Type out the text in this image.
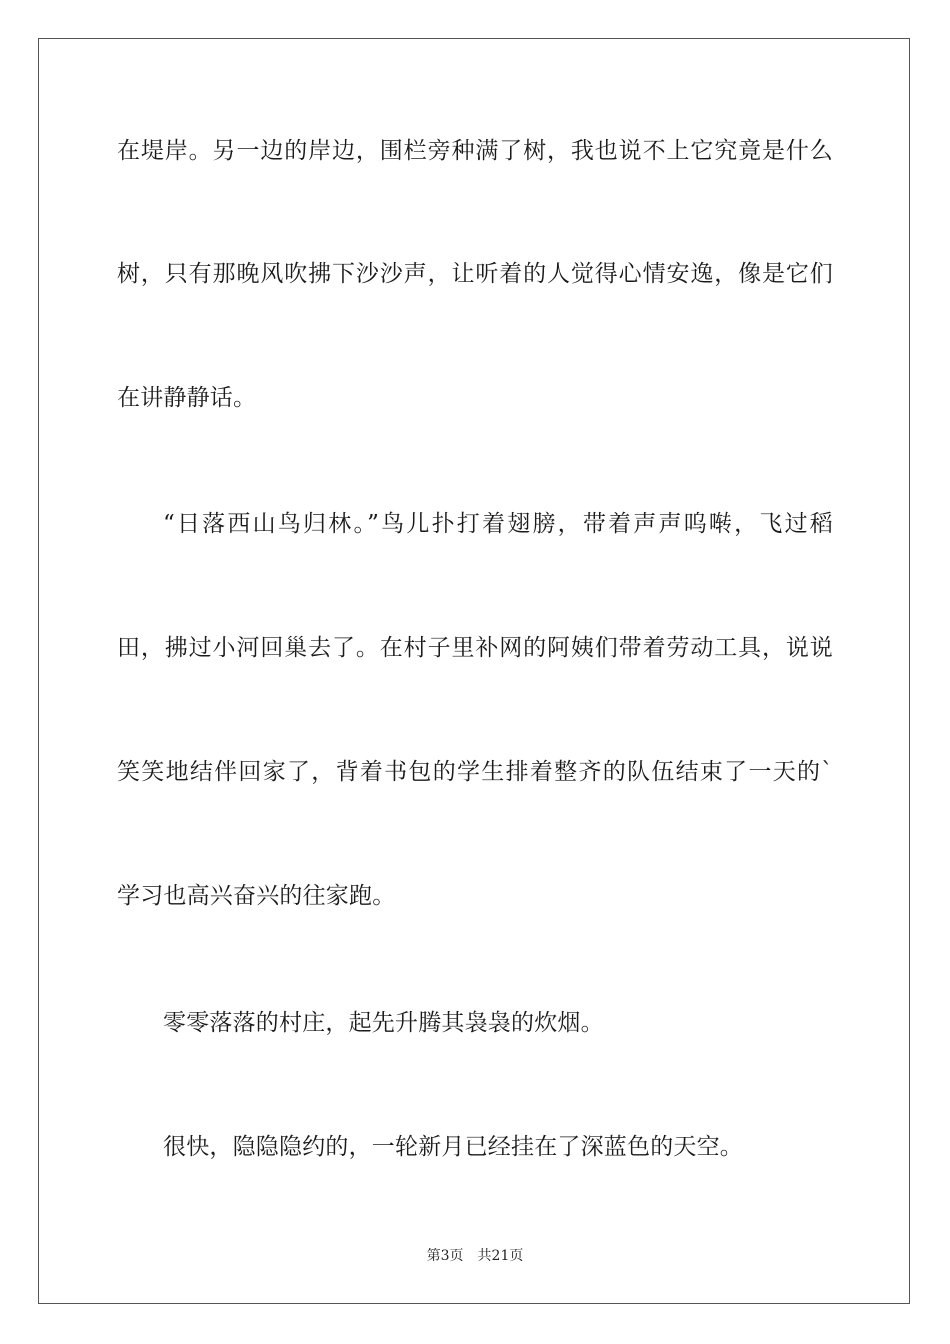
在堤岸。另一边的岸边，围栏旁种满了树，我也说不上它究竟是什么
树，只有那晚风吹拂下沙沙声，让听着的人觉得心情安逸，像是它们
在讲静静话。
“日落西山鸟归林。”鸟儿扑打着翅膀，带着声声呜啭，飞过稻
田，拂过小河回巢去了。在村子里补网的阿姨们带着劳动工具，说说
笑笑地结伴回家了，背着书包的学生排着整齐的队伍结束了一天的`
学习也高兴奋兴的往家跑。
零零落落的村庄，起先升腾其袅袅的炊烟。
很快，隐隐隐约的，一轮新月已经挂在了深蓝色的天空。
第3页 共21页
